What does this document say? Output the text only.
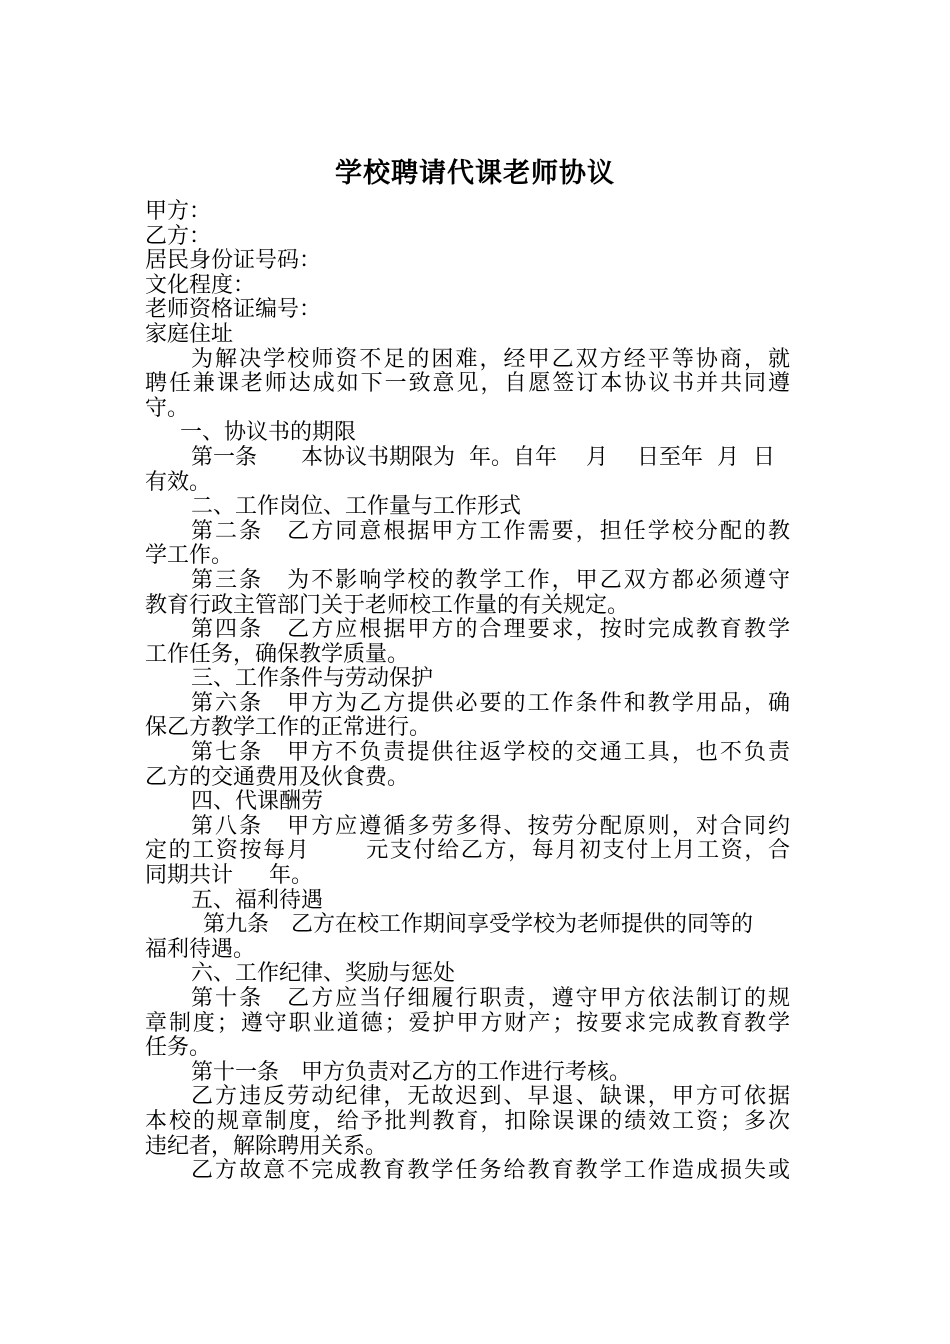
学校聘请代课老师协议
甲方：
乙方：
居民身份证号码：
文化程度：
老师资格证编号：
家庭住址
为解决学校师资不足的困难，经甲乙双方经平等协商，就
聘任兼课老师达成如下一致意见，自愿签订本协议书并共同遵
守。
一、协议书的期限
第一条　　本协议书期限为  年。自年　 月　 日至年  月  日
有效。
二、工作岗位、工作量与工作形式
第二条　乙方同意根据甲方工作需要，担任学校分配的教
学工作。
第三条　为不影响学校的教学工作，甲乙双方都必须遵守
教育行政主管部门关于老师校工作量的有关规定。
第四条　乙方应根据甲方的合理要求，按时完成教育教学
工作任务，确保教学质量。
三、工作条件与劳动保护
第六条　甲方为乙方提供必要的工作条件和教学用品，确
保乙方教学工作的正常进行。
第七条　甲方不负责提供往返学校的交通工具，也不负责
乙方的交通费用及伙食费。
四、代课酬劳
第八条　甲方应遵循多劳多得、按劳分配原则，对合同约
定的工资按每月　　 元支付给乙方，每月初支付上月工资，合
同期共计　  年。
五、福利待遇
第九条　乙方在校工作期间享受学校为老师提供的同等的
福利待遇。
六、工作纪律、奖励与惩处
第十条　乙方应当仔细履行职责，遵守甲方依法制订的规
章制度；遵守职业道德；爱护甲方财产；按要求完成教育教学
任务。
第十一条　甲方负责对乙方的工作进行考核。
乙方违反劳动纪律，无故迟到、早退、缺课，甲方可依据
本校的规章制度，给予批判教育，扣除误课的绩效工资；多次
违纪者，解除聘用关系。
乙方故意不完成教育教学任务给教育教学工作造成损失或
